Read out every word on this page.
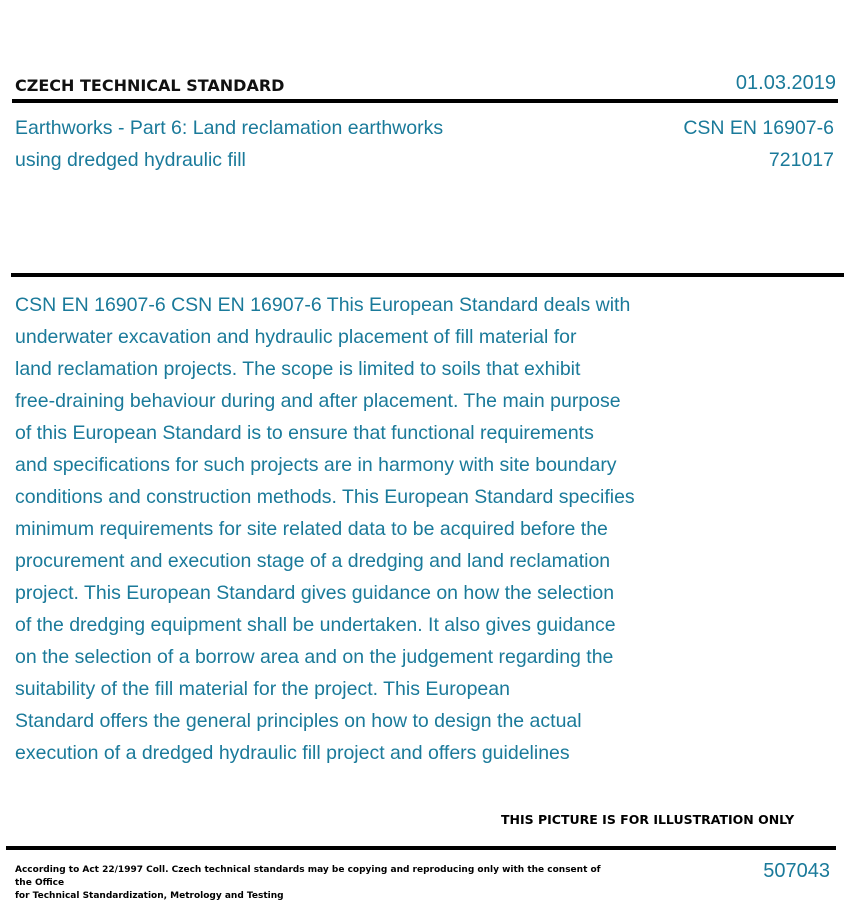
CZECH TECHNICAL STANDARD	01.03.2019
Earthworks - Part 6: Land reclamation earthworks
using dredged hydraulic fill
CSN EN 16907-6
721017
CSN EN 16907-6 CSN EN 16907-6 This European Standard deals with
underwater excavation and hydraulic placement of fill material for
land reclamation projects. The scope is limited to soils that exhibit
free-draining behaviour during and after placement. The main purpose
of this European Standard is to ensure that functional requirements
and specifications for such projects are in harmony with site boundary
conditions and construction methods. This European Standard specifies
minimum requirements for site related data to be acquired before the
procurement and execution stage of a dredging and land reclamation
project. This European Standard gives guidance on how the selection
of the dredging equipment shall be undertaken. It also gives guidance
on the selection of a borrow area and on the judgement regarding the
suitability of the fill material for the project. This European
Standard offers the general principles on how to design the actual
execution of a dredged hydraulic fill project and offers guidelines
THIS PICTURE IS FOR ILLUSTRATION ONLY
According to Act 22/1997 Coll. Czech technical standards may be copying and reproducing only with the consent of the Office
for Technical Standardization, Metrology and Testing
507043
